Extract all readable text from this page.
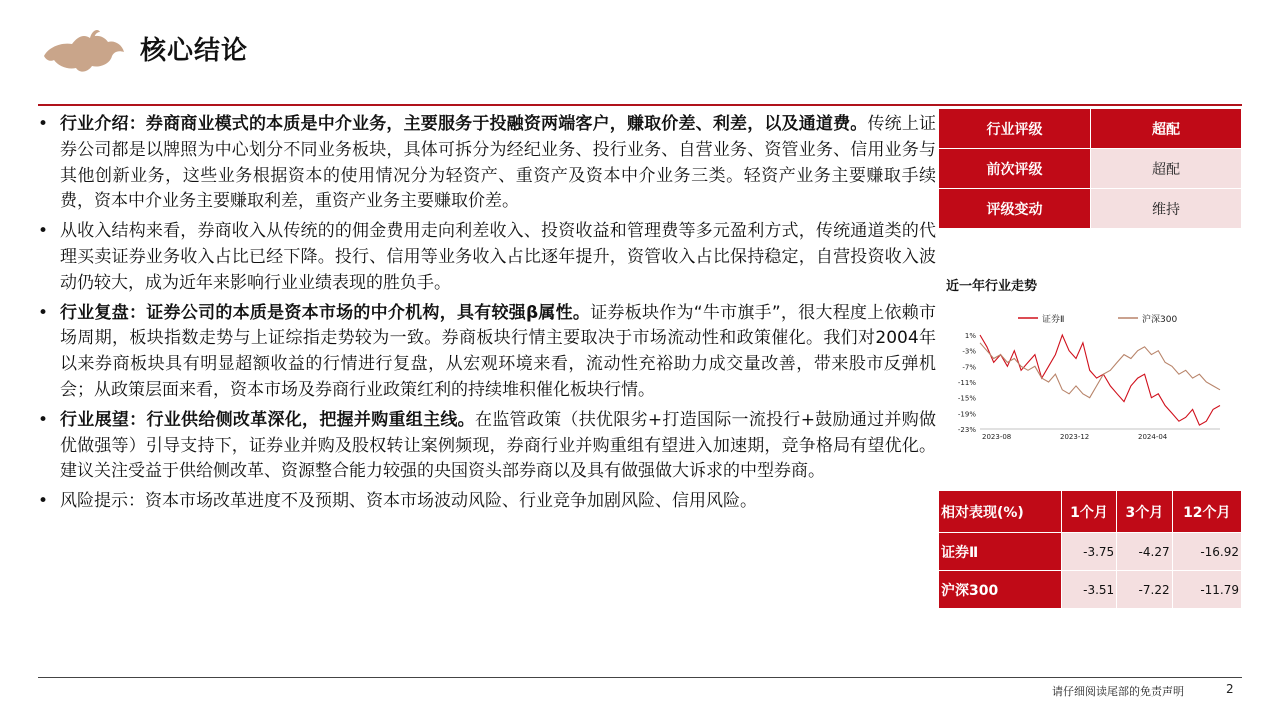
核心结论
• 行业介绍：券商商业模式的本质是中介业务，主要服务于投融资两端客户，赚取价差、利差，以及通道费。传统上证券公司都是以牌照为中心划分不同业务板块，具体可拆分为经纪业务、投行业务、自营业务、资管业务、信用业务与其他创新业务，这些业务根据资本的使用情况分为轻资产、重资产及资本中介业务三类。轻资产业务主要赚取手续费，资本中介业务主要赚取利差，重资产业务主要赚取价差。
• 从收入结构来看，券商收入从传统的的佣金费用走向利差收入、投资收益和管理费等多元盈利方式，传统通道类的代理买卖证券业务收入占比已经下降。投行、信用等业务收入占比逐年提升，资管收入占比保持稳定，自营投资收入波动仍较大，成为近年来影响行业业绩表现的胜负手。
• 行业复盘：证券公司的本质是资本市场的中介机构，具有较强β属性。证券板块作为“牛市旗手”，很大程度上依赖市场周期，板块指数走势与上证综指走势较为一致。券商板块行情主要取决于市场流动性和政策催化。我们对2004年以来券商板块具有明显超额收益的行情进行复盘，从宏观环境来看，流动性充裕助力成交量改善，带来股市反弹机会；从政策层面来看，资本市场及券商行业政策红利的持续堆积催化板块行情。
• 行业展望：行业供给侧改革深化，把握并购重组主线。在监管政策（扶优限劣+打造国际一流投行+鼓励通过并购做优做强等）引导支持下，证券业并购及股权转让案例频现，券商行业并购重组有望进入加速期，竞争格局有望优化。建议关注受益于供给侧改革、资源整合能力较强的央国资头部券商以及具有做强做大诉求的中型券商。
• 风险提示：资本市场改革进度不及预期、资本市场波动风险、行业竞争加剧风险、信用风险。
行业评级	超配
前次评级	超配
评级变动	维持
近一年行业走势
证券Ⅱ	沪深300
1%
-3%
-7%
-11%
-15%
-19%
-23%
2023-08	2023-12	2024-04
相对表现(%)	1个月	3个月	12个月
证券Ⅱ	-3.75	-4.27	-16.92
沪深300	-3.51	-7.22	-11.79
请仔细阅读尾部的免责声明	2
